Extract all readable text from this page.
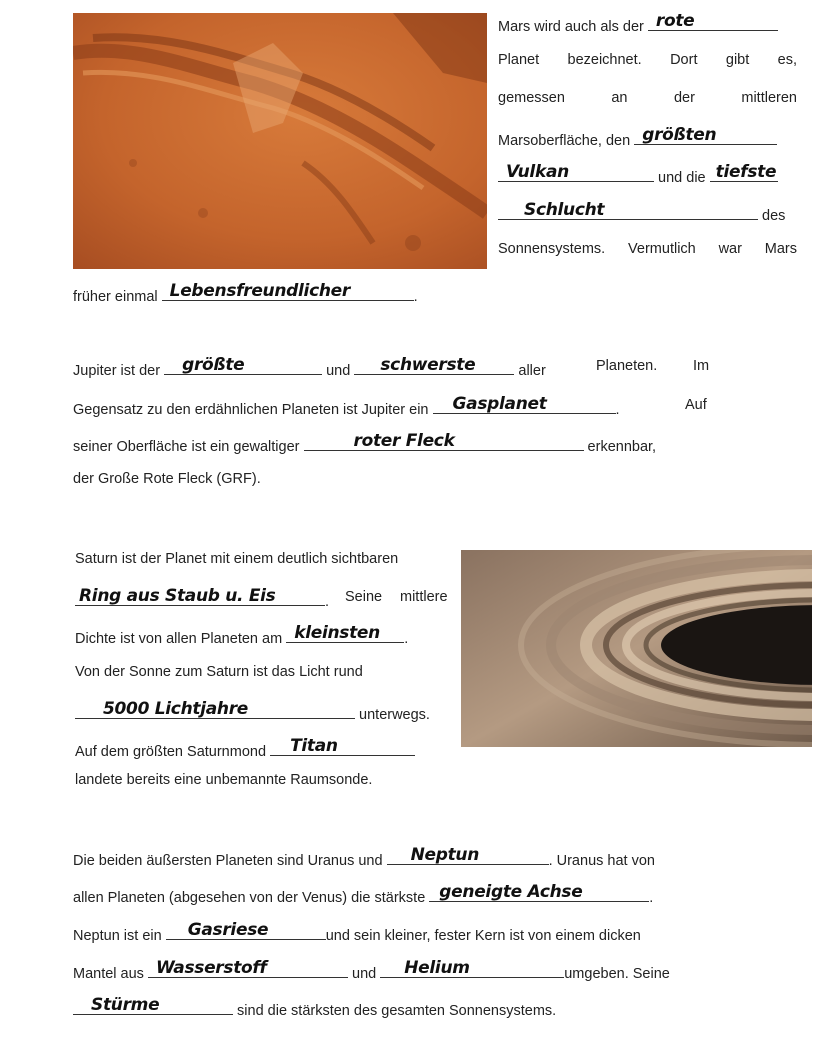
Mars wird auch als der rote
Planet bezeichnet. Dort gibt es,
gemessen	an	der	mittleren
Marsoberfläche, den größten
Vulkan	und die tiefste
Schlucht	des
Sonnensystems. Vermutlich war Mars
früher einmal Lebensfreundlicher	.
Jupiter ist der größte	und schwerste	aller	Planeten. Im
Gegensatz zu den erdähnlichen Planeten ist Jupiter ein Gasplanet	.	Auf
seiner Oberfläche ist ein gewaltiger	roter Fleck	erkennbar,
der Große Rote Fleck (GRF).
Saturn ist der Planet mit einem deutlich sichtbaren
Ring aus Staub u. Eis	. Seine mittlere
Dichte ist von allen Planeten am kleinsten .
Von der Sonne zum Saturn ist das Licht rund
5000 Lichtjahre	unterwegs.
Auf dem größten Saturnmond Titan
landete bereits eine unbemannte Raumsonde.
Die beiden äußersten Planeten sind Uranus und Neptun	. Uranus hat von
allen Planeten (abgesehen von der Venus) die stärkste geneigte Achse	.
Neptun ist ein Gasriese	und sein kleiner, fester Kern ist von einem dicken
Mantel aus Wasserstoff	und Helium	umgeben. Seine
Stürme	sind die stärksten des gesamten Sonnensystems.
